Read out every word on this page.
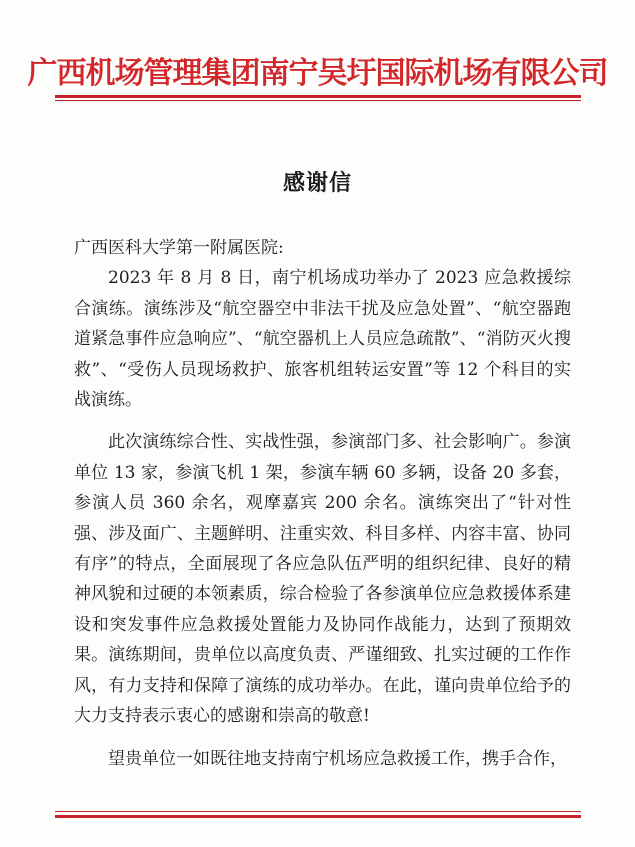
广西机场管理集团南宁吴圩国际机场有限公司
感谢信

广西医科大学第一附属医院:

2023 年 8 月 8 日，南宁机场成功举办了 2023 应急救援综合演练。演练涉及“航空器空中非法干扰及应急处置”、“航空器跑道紧急事件应急响应”、“航空器机上人员应急疏散”、“消防灭火搜救”、“受伤人员现场救护、旅客机组转运安置”等 12 个科目的实战演练。

此次演练综合性、实战性强，参演部门多、社会影响广。参演单位 13 家，参演飞机 1 架，参演车辆 60 多辆，设备 20 多套，参演人员 360 余名，观摩嘉宾 200 余名。演练突出了“针对性强、涉及面广、主题鲜明、注重实效、科目多样、内容丰富、协同有序”的特点，全面展现了各应急队伍严明的组织纪律、良好的精神风貌和过硬的本领素质，综合检验了各参演单位应急救援体系建设和突发事件应急救援处置能力及协同作战能力，达到了预期效果。演练期间，贵单位以高度负责、严谨细致、扎实过硬的工作作风，有力支持和保障了演练的成功举办。在此，谨向贵单位给予的大力支持表示衷心的感谢和崇高的敬意!

望贵单位一如既往地支持南宁机场应急救援工作，携手合作，
